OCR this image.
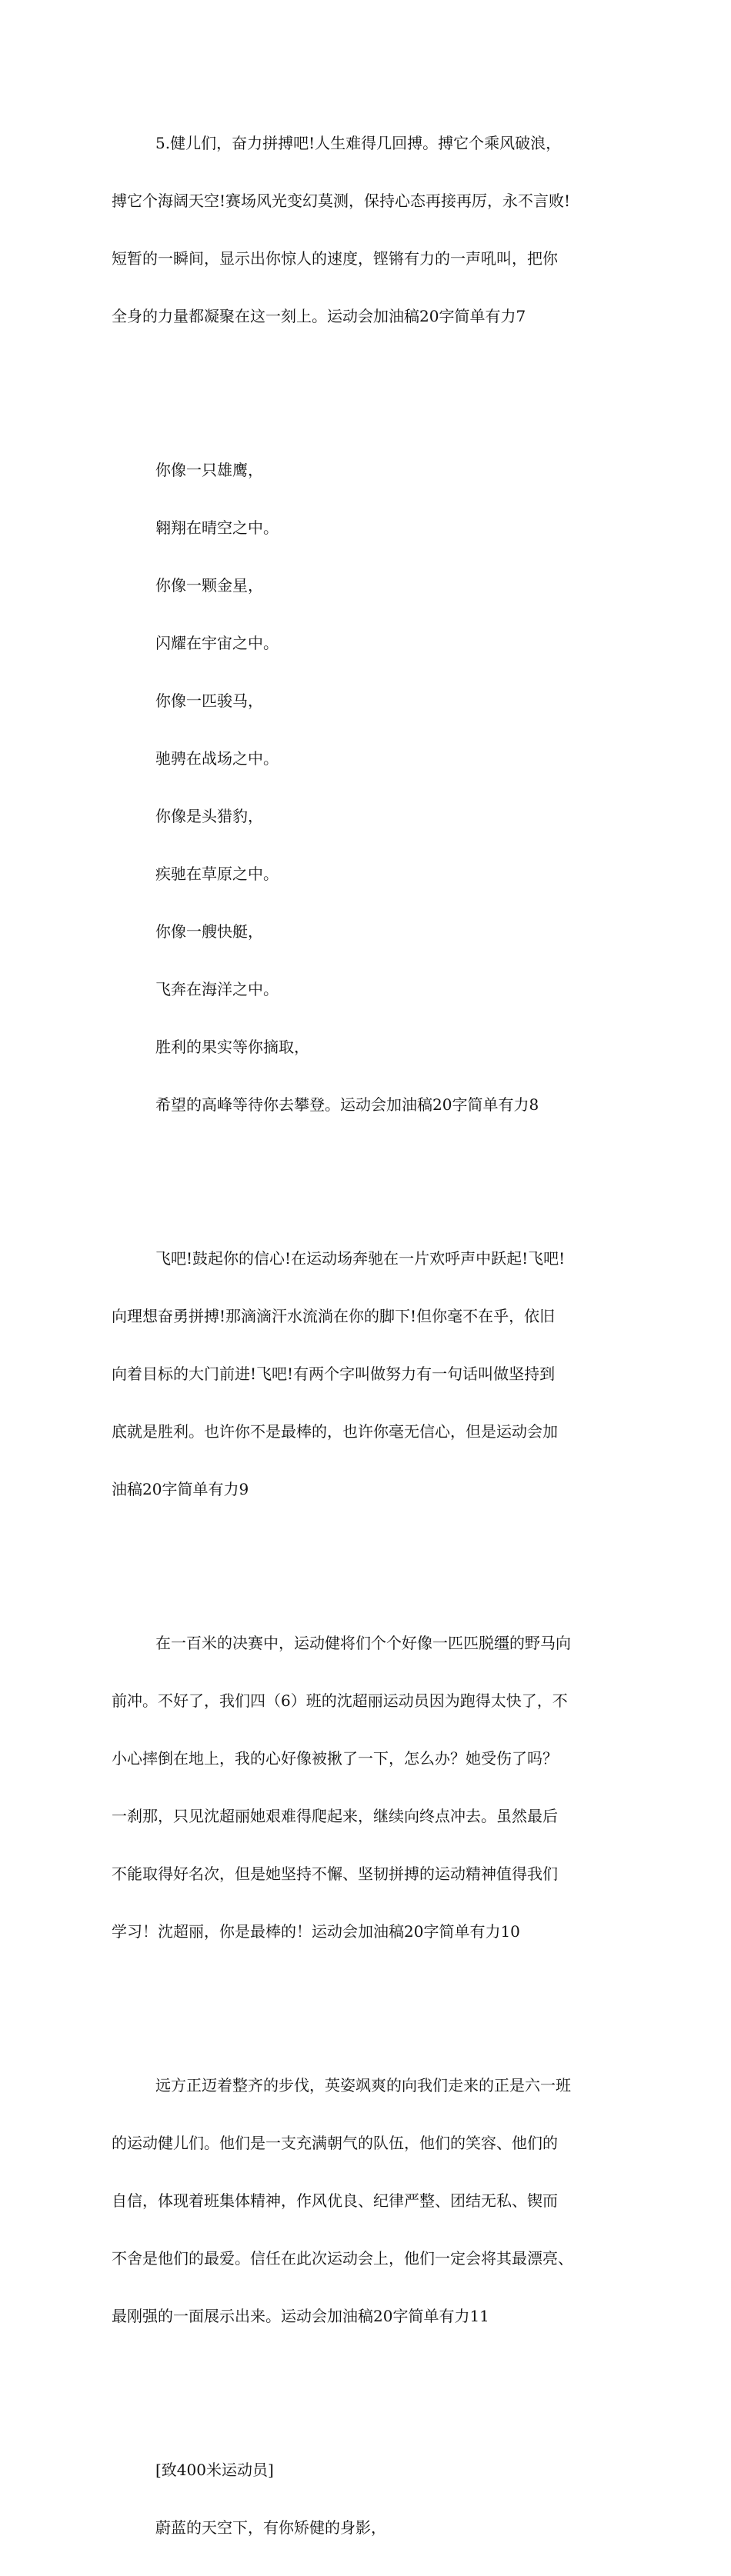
5.健儿们，奋力拼搏吧!人生难得几回搏。搏它个乘风破浪，

搏它个海阔天空!赛场风光变幻莫测，保持心态再接再厉，永不言败!

短暂的一瞬间，显示出你惊人的速度，铿锵有力的一声吼叫，把你

全身的力量都凝聚在这一刻上。运动会加油稿20字简单有力7

你像一只雄鹰，

翱翔在晴空之中。

你像一颗金星，

闪耀在宇宙之中。

你像一匹骏马，

驰骋在战场之中。

你像是头猎豹，

疾驰在草原之中。

你像一艘快艇，

飞奔在海洋之中。

胜利的果实等你摘取，

希望的高峰等待你去攀登。运动会加油稿20字简单有力8

飞吧!鼓起你的信心!在运动场奔驰在一片欢呼声中跃起!飞吧!

向理想奋勇拼搏!那滴滴汗水流淌在你的脚下!但你毫不在乎，依旧

向着目标的大门前进!飞吧!有两个字叫做努力有一句话叫做坚持到

底就是胜利。也许你不是最棒的，也许你毫无信心，但是运动会加

油稿20字简单有力9

在一百米的决赛中，运动健将们个个好像一匹匹脱缰的野马向

前冲。不好了，我们四（6）班的沈超丽运动员因为跑得太快了，不

小心摔倒在地上，我的心好像被揪了一下，怎么办？她受伤了吗？

一刹那，只见沈超丽她艰难得爬起来，继续向终点冲去。虽然最后

不能取得好名次，但是她坚持不懈、坚韧拼搏的运动精神值得我们

学习！沈超丽，你是最棒的！运动会加油稿20字简单有力10

远方正迈着整齐的步伐，英姿飒爽的向我们走来的正是六一班

的运动健儿们。他们是一支充满朝气的队伍，他们的笑容、他们的

自信，体现着班集体精神，作风优良、纪律严整、团结无私、锲而

不舍是他们的最爱。信任在此次运动会上，他们一定会将其最漂亮、

最刚强的一面展示出来。运动会加油稿20字简单有力11

[致400米运动员]

蔚蓝的天空下，有你矫健的身影，
